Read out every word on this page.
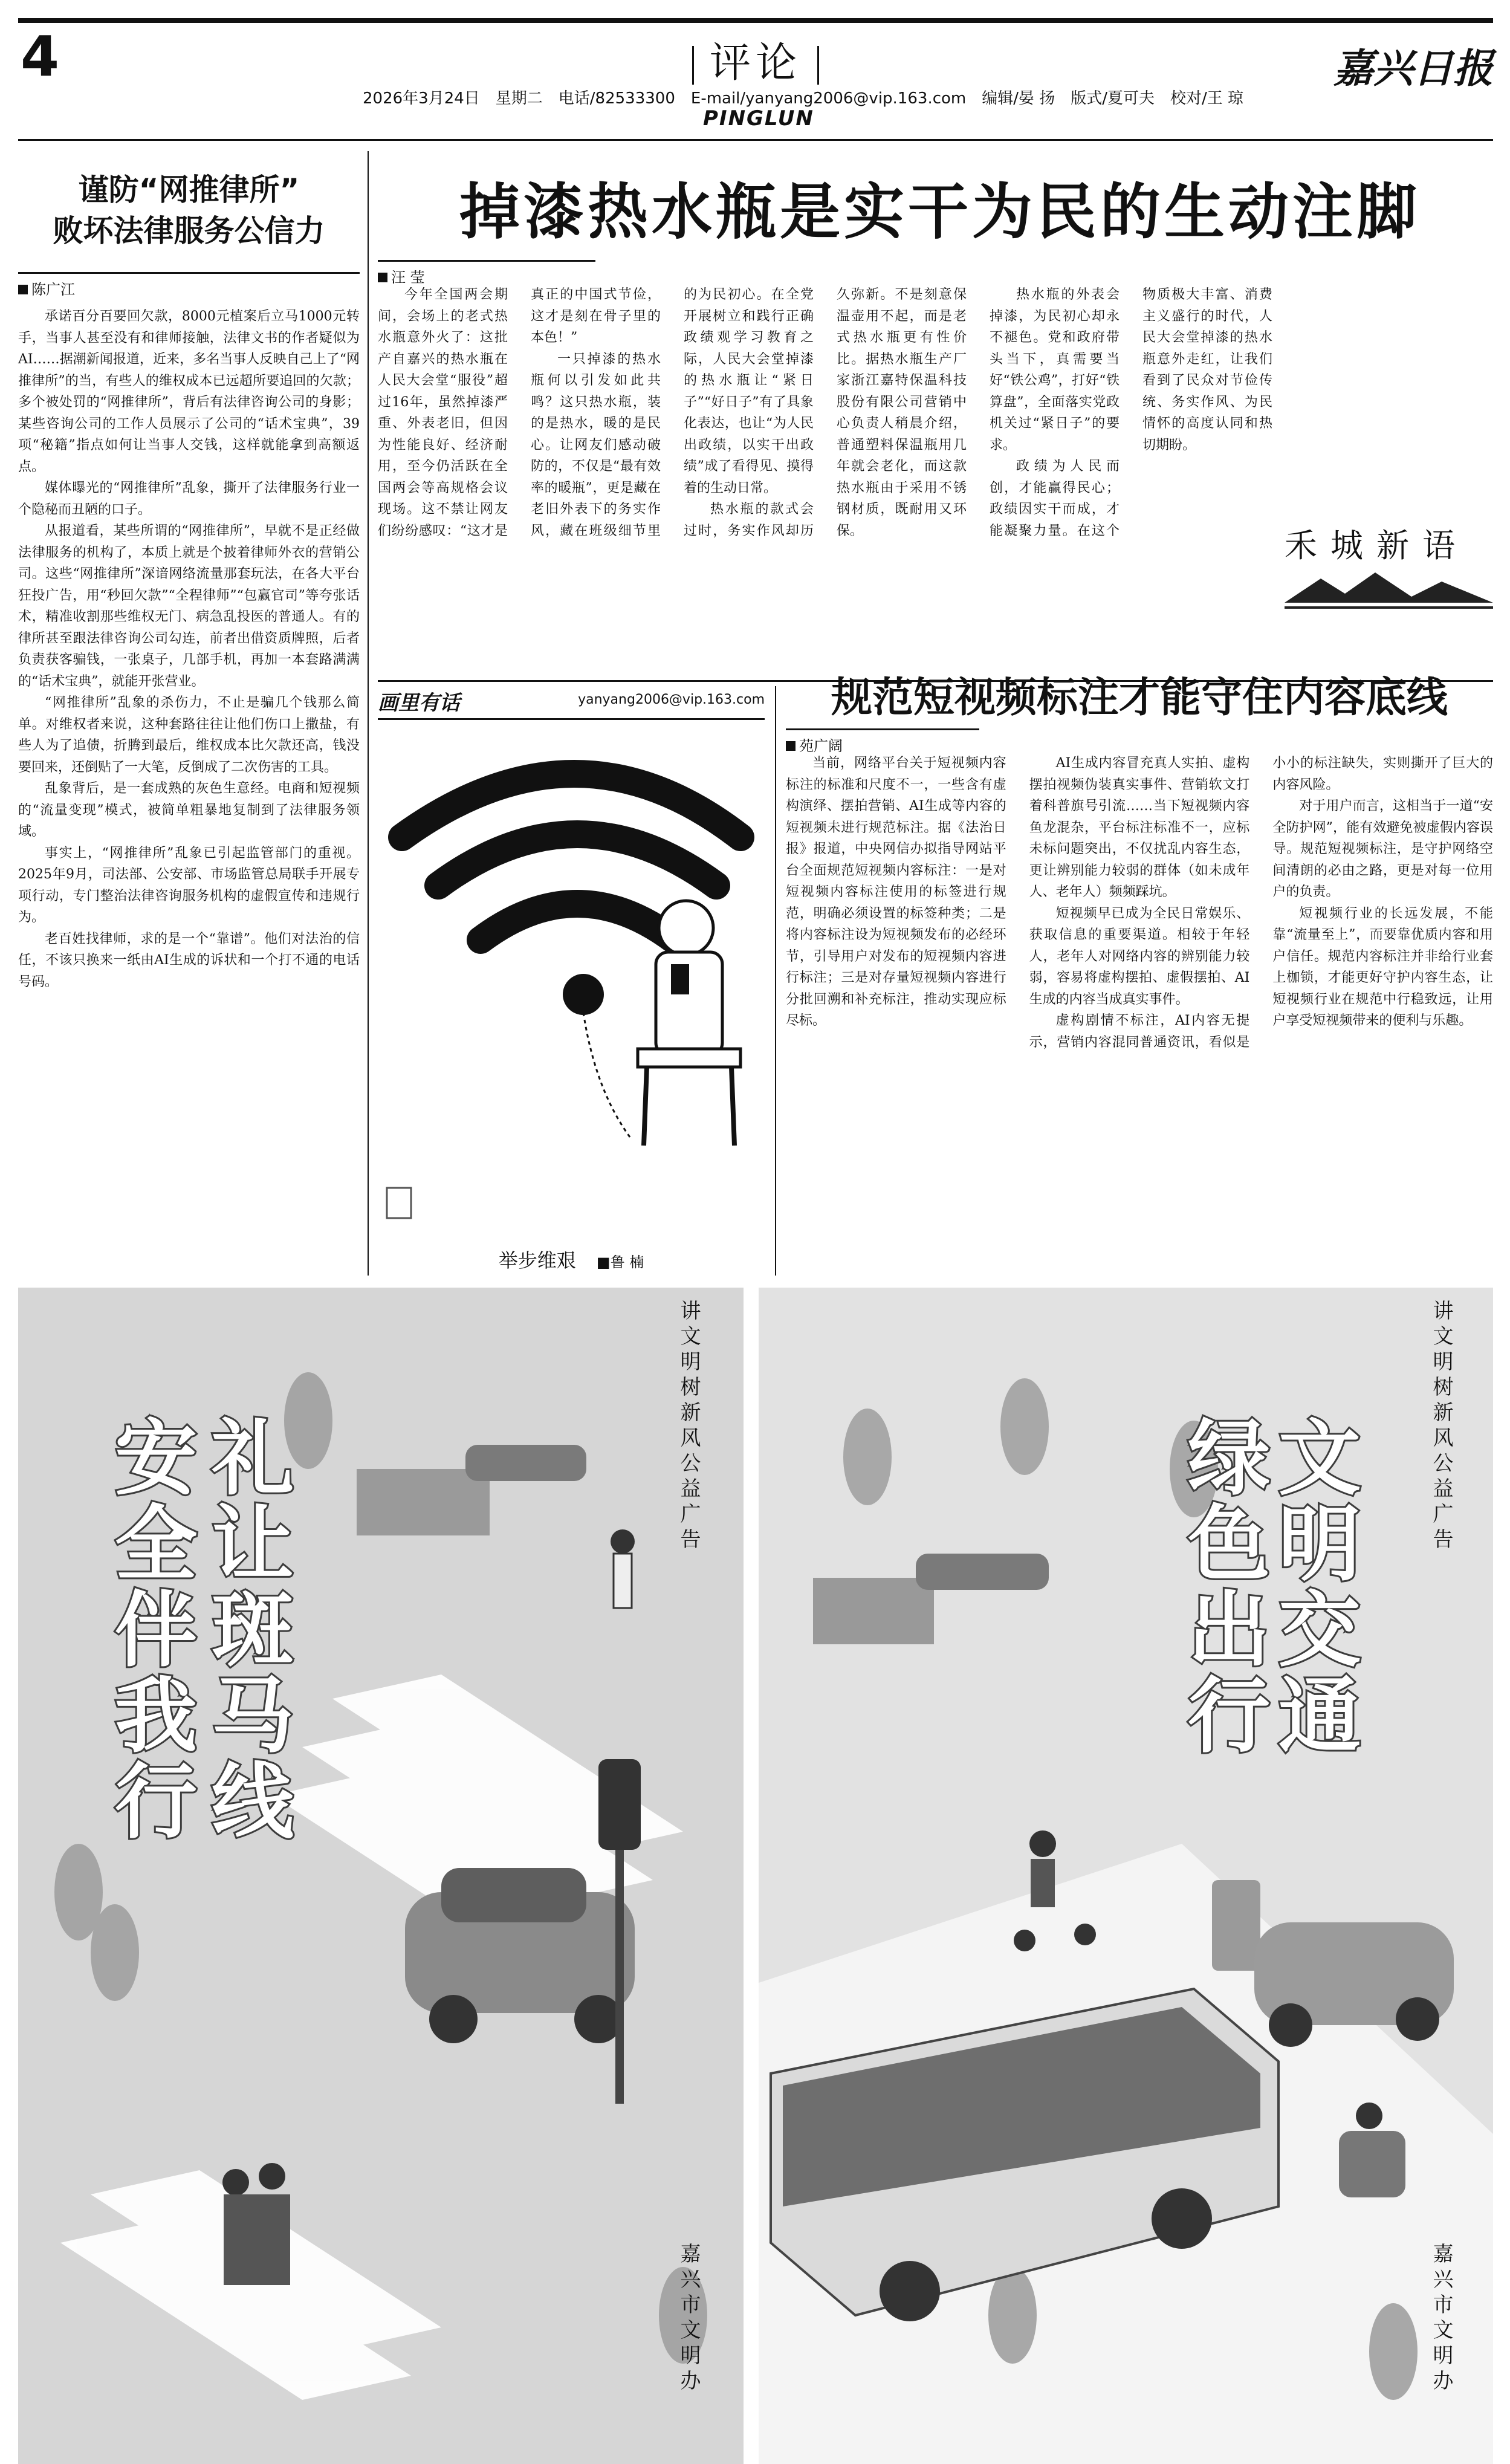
4	评论
2026年3月24日　星期二　电话/82533300　E-mail/yanyang2006@vip.163.com　编辑/晏 扬　版式/夏可夫　校对/王 琼
PINGLUN
嘉兴日报
谨防“网推律所”
败坏法律服务公信力
陈广江

承诺百分百要回欠款，8000元植案后立马1000元转手，当事人甚至没有和律师接触，法律文书的作者疑似为AI……据潮新闻报道，近来，多名当事人反映自己上了“网推律所”的当，有些人的维权成本已远超所要追回的欠款；多个被处罚的“网推律所”，背后有法律咨询公司的身影；某些咨询公司的工作人员展示了公司的“话术宝典”，39项“秘籍”指点如何让当事人交钱，这样就能拿到高额返点。

媒体曝光的“网推律所”乱象，撕开了法律服务行业一个隐秘而丑陋的口子。

从报道看，某些所谓的“网推律所”，早就不是正经做法律服务的机构了，本质上就是个披着律师外衣的营销公司。这些“网推律所”深谙网络流量那套玩法，在各大平台狂投广告，用“秒回欠款”“全程律师”“包赢官司”等夸张话术，精准收割那些维权无门、病急乱投医的普通人。有的律所甚至跟法律咨询公司勾连，前者出借资质牌照，后者负责获客骗钱，一张桌子，几部手机，再加一本套路满满的“话术宝典”，就能开张营业。

“网推律所”乱象的杀伤力，不止是骗几个钱那么简单。对维权者来说，这种套路往往让他们伤口上撒盐，有些人为了追债，折腾到最后，维权成本比欠款还高，钱没要回来，还倒贴了一大笔，反倒成了二次伤害的工具。

乱象背后，是一套成熟的灰色生意经。电商和短视频的“流量变现”模式，被简单粗暴地复制到了法律服务领域。

事实上，“网推律所”乱象已引起监管部门的重视。2025年9月，司法部、公安部、市场监管总局联手开展专项行动，专门整治法律咨询服务机构的虚假宣传和违规行为。

老百姓找律师，求的是一个“靠谱”。他们对法治的信任，不该只换来一纸由AI生成的诉状和一个打不通的电话号码。

掉漆热水瓶是实干为民的生动注脚
汪 莹

今年全国两会期间，会场上的老式热水瓶意外火了：这批产自嘉兴的热水瓶在人民大会堂“服役”超过16年，虽然掉漆严重、外表老旧，但因为性能良好、经济耐用，至今仍活跃在全国两会等高规格会议现场。这不禁让网友们纷纷感叹：“这才是真正的中国式节俭，这才是刻在骨子里的本色！”

一只掉漆的热水瓶何以引发如此共鸣？这只热水瓶，装的是热水，暖的是民心。让网友们感动破防的，不仅是“最有效率的暖瓶”，更是藏在老旧外表下的务实作风，藏在班级细节里的为民初心。在全党开展树立和践行正确政绩观学习教育之际，人民大会堂掉漆的热水瓶让“紧日子”“好日子”有了具象化表达，也让“为人民出政绩，以实干出政绩”成了看得见、摸得着的生动日常。

热水瓶的款式会过时，务实作风却历久弥新。不是刻意保温壶用不起，而是老式热水瓶更有性价比。据热水瓶生产厂家浙江嘉特保温科技股份有限公司营销中心负责人稍晨介绍，普通塑料保温瓶用几年就会老化，而这款热水瓶由于采用不锈钢材质，既耐用又环保。

热水瓶的外表会掉漆，为民初心却永不褪色。党和政府带头当下，真需要当好“铁公鸡”，打好“铁算盘”，全面落实党政机关过“紧日子”的要求。

政绩为人民而创，才能赢得民心；政绩因实干而成，才能凝聚力量。在这个物质极大丰富、消费主义盛行的时代，人民大会堂掉漆的热水瓶意外走红，让我们看到了民众对节俭传统、务实作风、为民情怀的高度认同和热切期盼。

禾城新语
画里有话	yanyang2006@vip.163.com
举步维艰 ■鲁 楠
规范短视频标注才能守住内容底线
苑广阔

当前，网络平台关于短视频内容标注的标准和尺度不一，一些含有虚构演绎、摆拍营销、AI生成等内容的短视频未进行规范标注。据《法治日报》报道，中央网信办拟指导网站平台全面规范短视频内容标注：一是对短视频内容标注使用的标签进行规范，明确必须设置的标签种类；二是将内容标注设为短视频发布的必经环节，引导用户对发布的短视频内容进行标注；三是对存量短视频内容进行分批回溯和补充标注，推动实现应标尽标。

AI生成内容冒充真人实拍、虚构摆拍视频伪装真实事件、营销软文打着科普旗号引流……当下短视频内容鱼龙混杂，平台标注标准不一，应标未标问题突出，不仅扰乱内容生态，更让辨别能力较弱的群体（如未成年人、老年人）频频踩坑。

短视频早已成为全民日常娱乐、获取信息的重要渠道。相较于年轻人，老年人对网络内容的辨别能力较弱，容易将虚构摆拍、虚假摆拍、AI生成的内容当成真实事件。

虚构剧情不标注，AI内容无提示，营销内容混同普通资讯，看似是小小的标注缺失，实则撕开了巨大的内容风险。

对于用户而言，这相当于一道“安全防护网”，能有效避免被虚假内容误导。规范短视频标注，是守护网络空间清朗的必由之路，更是对每一位用户的负责。

短视频行业的长远发展，不能靠“流量至上”，而要靠优质内容和用户信任。规范内容标注并非给行业套上枷锁，才能更好守护内容生态，让短视频行业在规范中行稳致远，让用户享受短视频带来的便利与乐趣。

礼让斑马线
安全伴我行	讲文明树新风公益广告
嘉兴市文明办
文明交通
绿色出行	讲文明树新风公益广告
嘉兴市文明办
